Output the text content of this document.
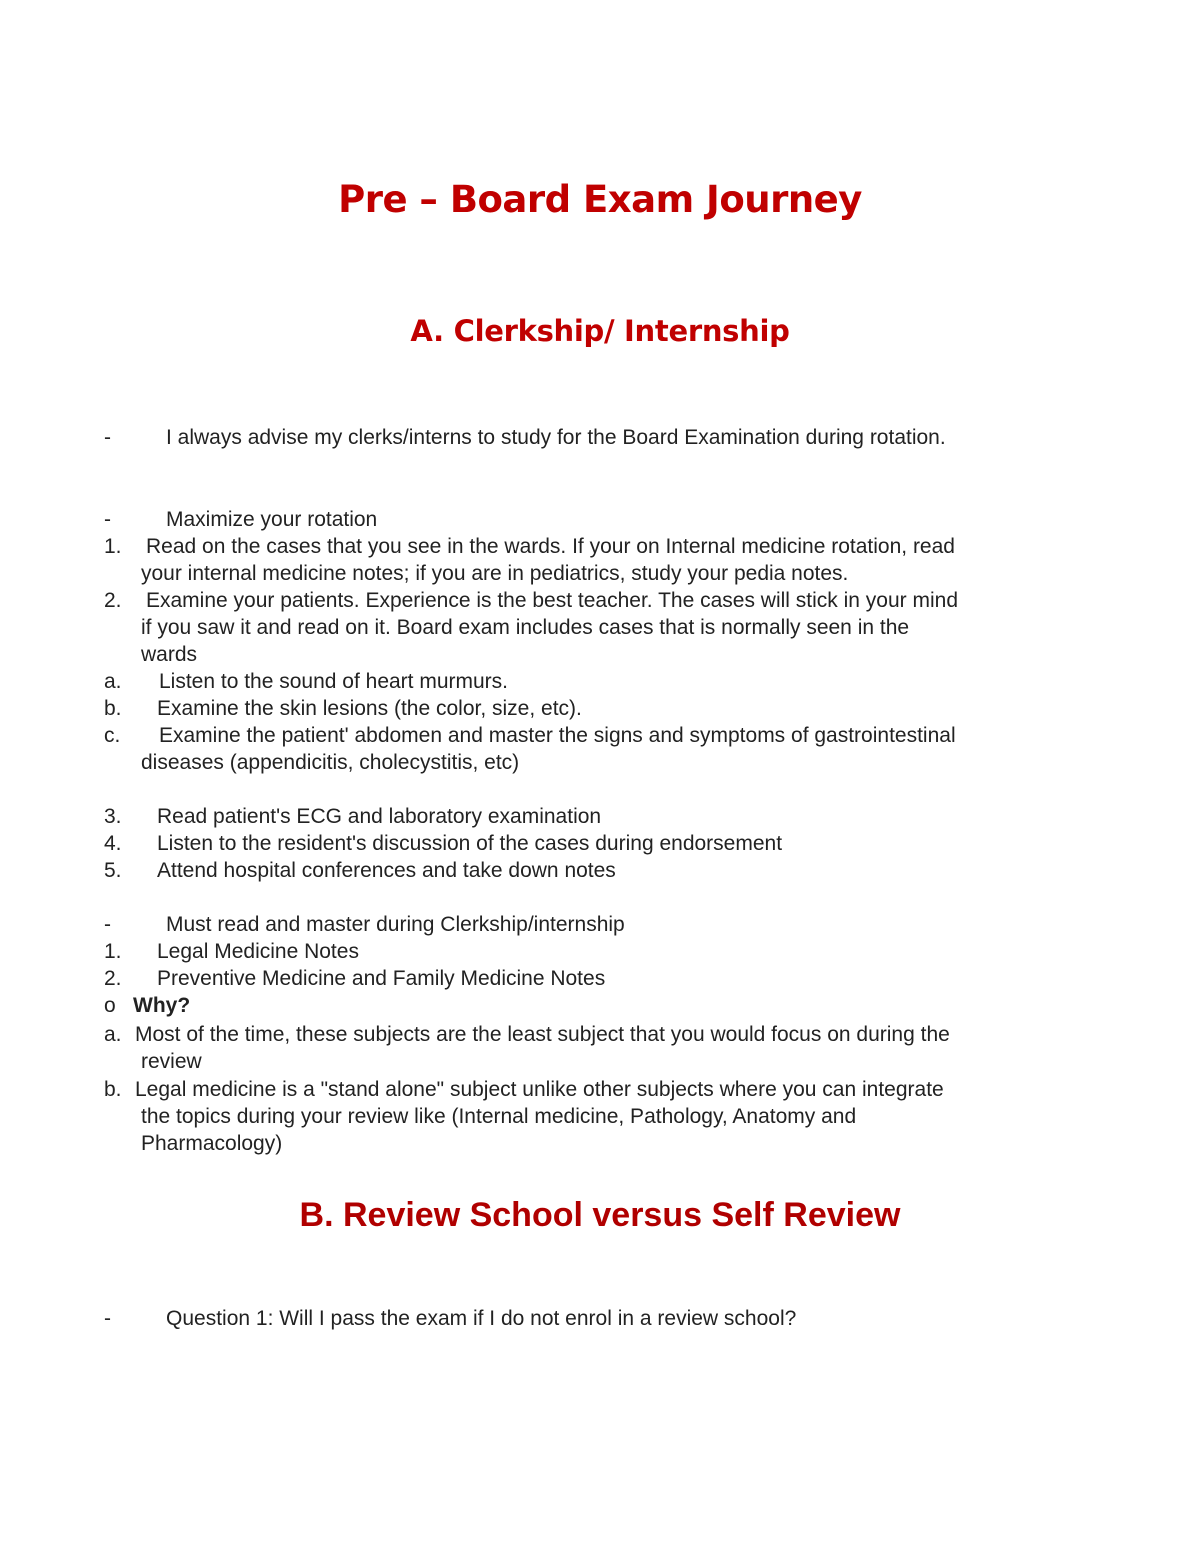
Pre – Board Exam Journey
A. Clerkship/ Internship
-	I always advise my clerks/interns to study for the Board Examination during rotation.
-	Maximize your rotation
1. Read on the cases that you see in the wards. If your on Internal medicine rotation, read
your internal medicine notes; if you are in pediatrics, study your pedia notes.
2. Examine your patients. Experience is the best teacher. The cases will stick in your mind
if you saw it and read on it. Board exam includes cases that is normally seen in the
wards
a. Listen to the sound of heart murmurs.
b. Examine the skin lesions (the color, size, etc).
c. Examine the patient' abdomen and master the signs and symptoms of gastrointestinal
diseases (appendicitis, cholecystitis, etc)
3. Read patient's ECG and laboratory examination
4. Listen to the resident's discussion of the cases during endorsement
5. Attend hospital conferences and take down notes
-	Must read and master during Clerkship/internship
1. Legal Medicine Notes
2. Preventive Medicine and Family Medicine Notes
o Why?
a. Most of the time, these subjects are the least subject that you would focus on during the
review
b. Legal medicine is a "stand alone" subject unlike other subjects where you can integrate
the topics during your review like (Internal medicine, Pathology, Anatomy and
Pharmacology)
B. Review School versus Self Review
-	Question 1: Will I pass the exam if I do not enrol in a review school?
